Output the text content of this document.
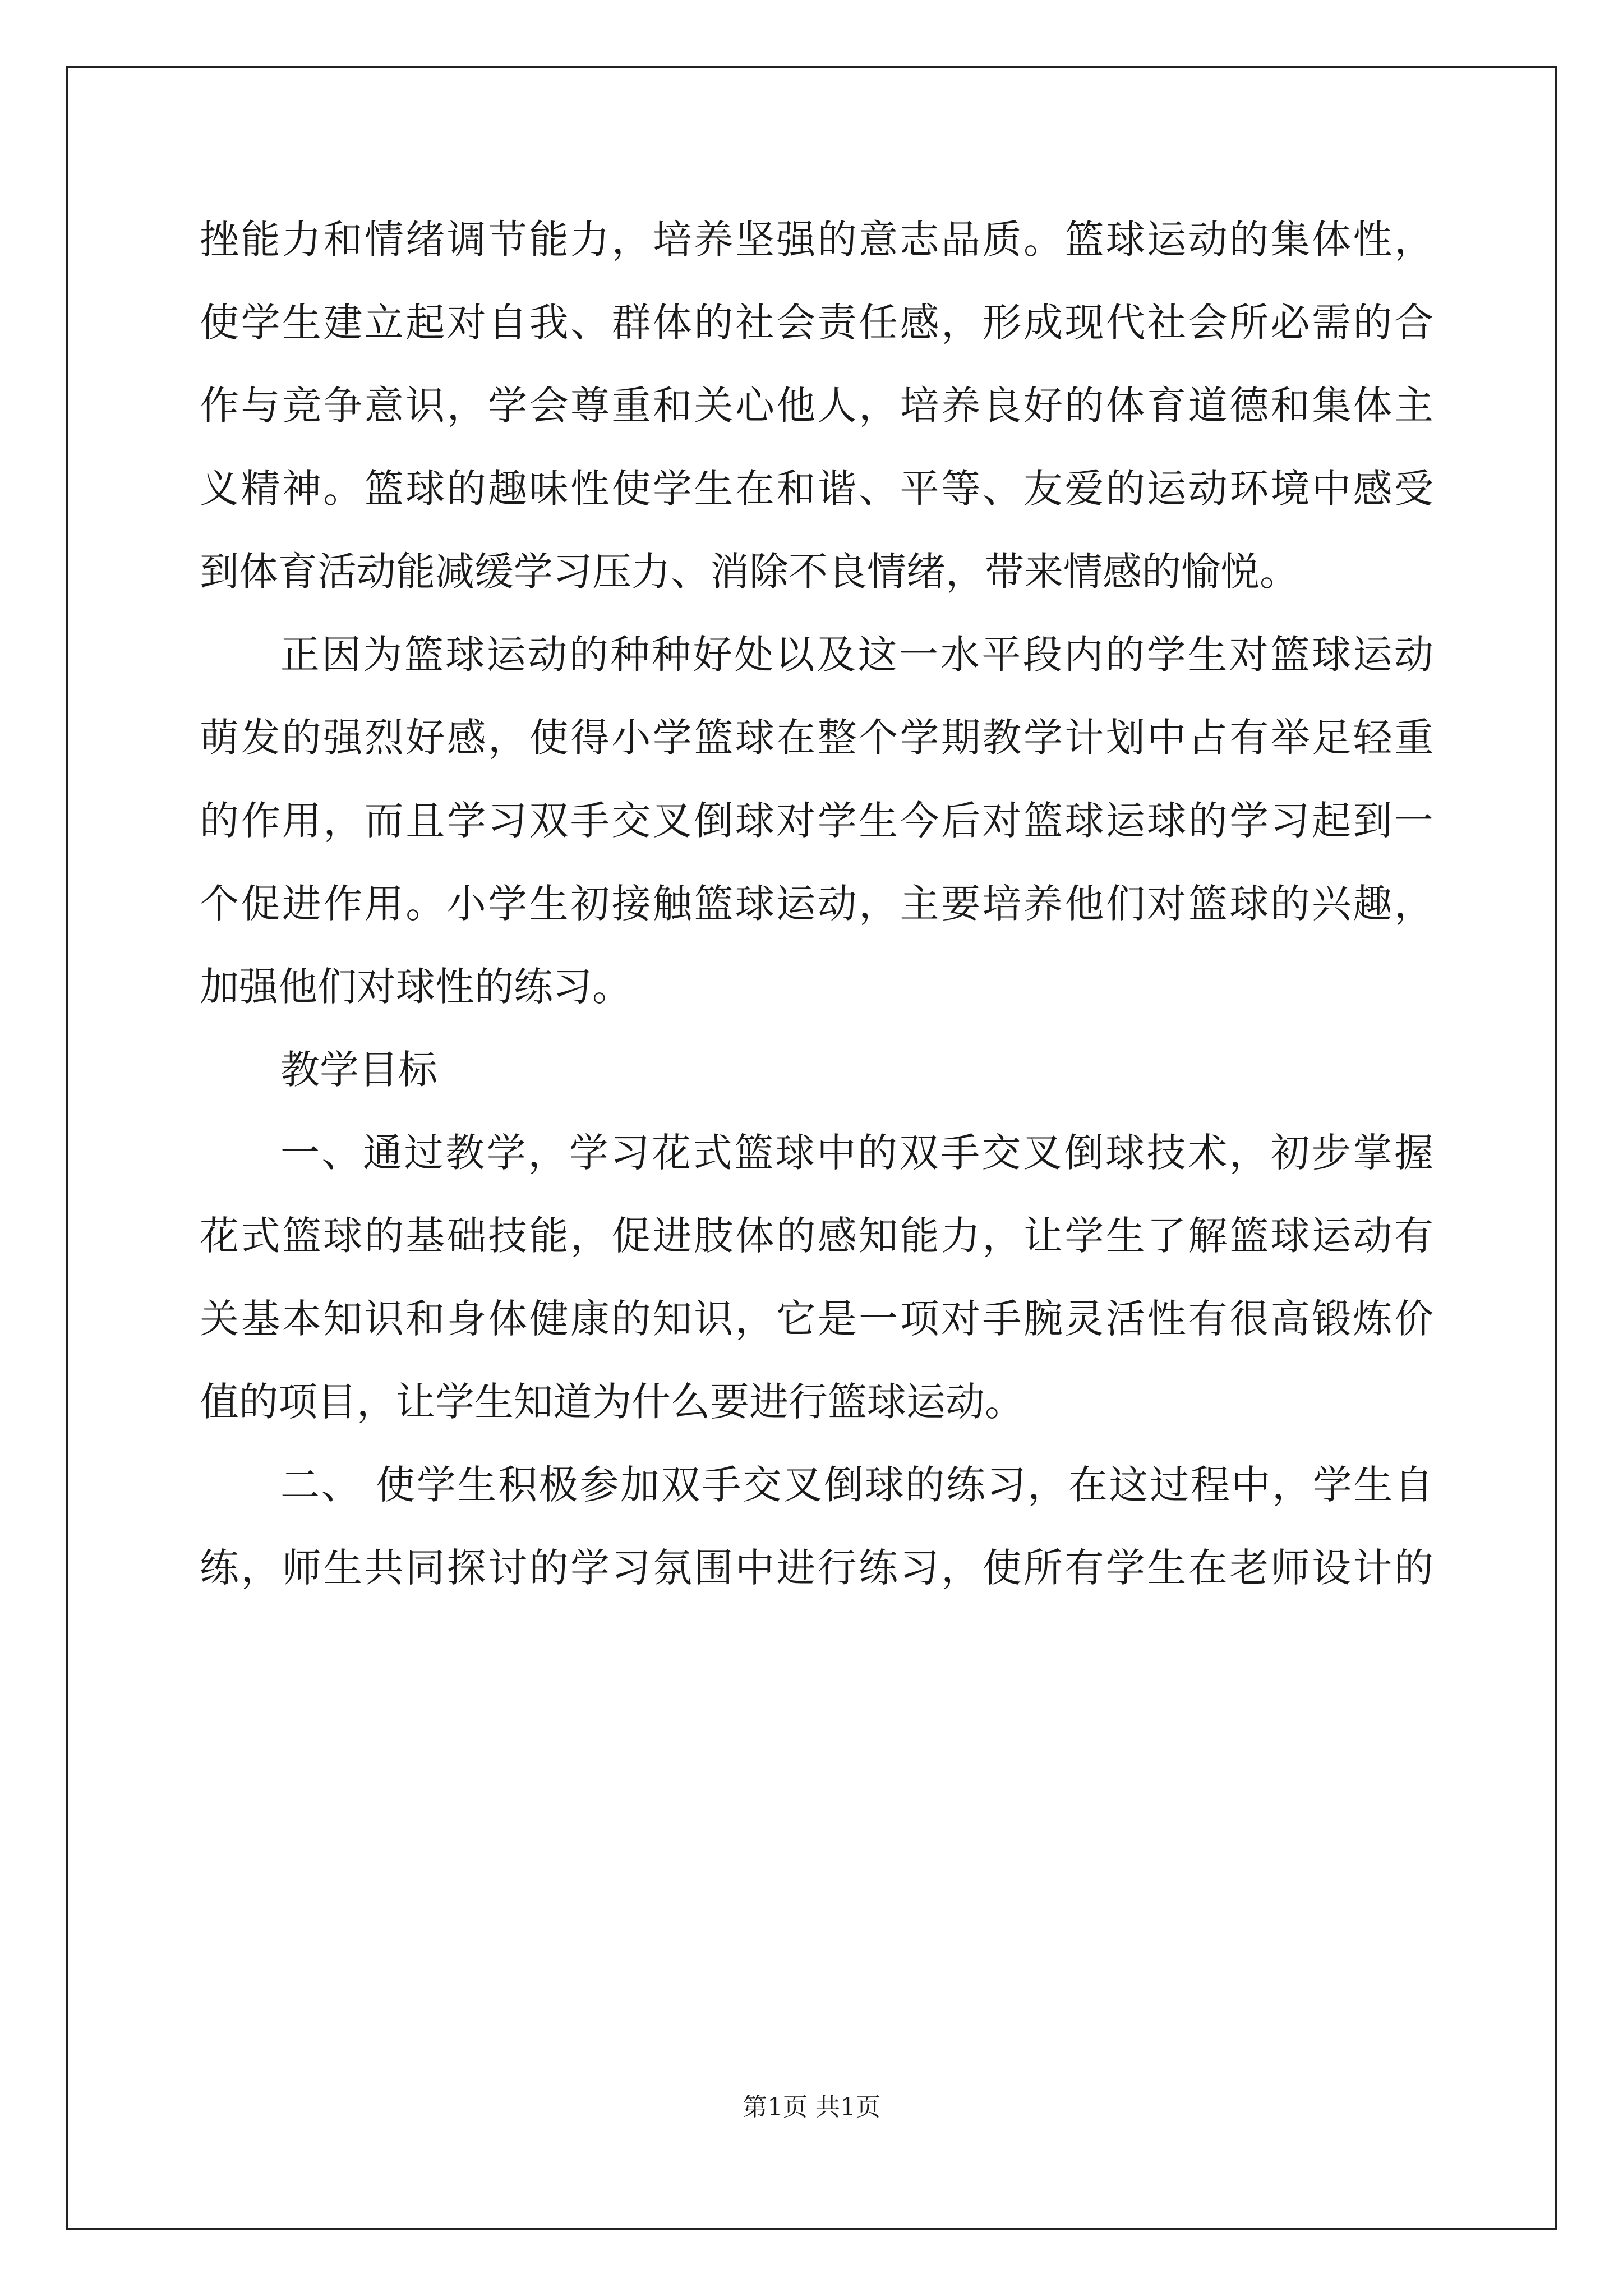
挫能力和情绪调节能力，培养坚强的意志品质。篮球运动的集体性，
使学生建立起对自我、群体的社会责任感，形成现代社会所必需的合
作与竞争意识，学会尊重和关心他人，培养良好的体育道德和集体主
义精神。篮球的趣味性使学生在和谐、平等、友爱的运动环境中感受
到体育活动能减缓学习压力、消除不良情绪，带来情感的愉悦。
正因为篮球运动的种种好处以及这一水平段内的学生对篮球运动
萌发的强烈好感，使得小学篮球在整个学期教学计划中占有举足轻重
的作用，而且学习双手交叉倒球对学生今后对篮球运球的学习起到一
个促进作用。小学生初接触篮球运动，主要培养他们对篮球的兴趣，
加强他们对球性的练习。
教学目标
一、通过教学，学习花式篮球中的双手交叉倒球技术，初步掌握
花式篮球的基础技能，促进肢体的感知能力，让学生了解篮球运动有
关基本知识和身体健康的知识，它是一项对手腕灵活性有很高锻炼价
值的项目，让学生知道为什么要进行篮球运动。
二、 使学生积极参加双手交叉倒球的练习，在这过程中，学生自
练，师生共同探讨的学习氛围中进行练习，使所有学生在老师设计的
第1页 共1页
